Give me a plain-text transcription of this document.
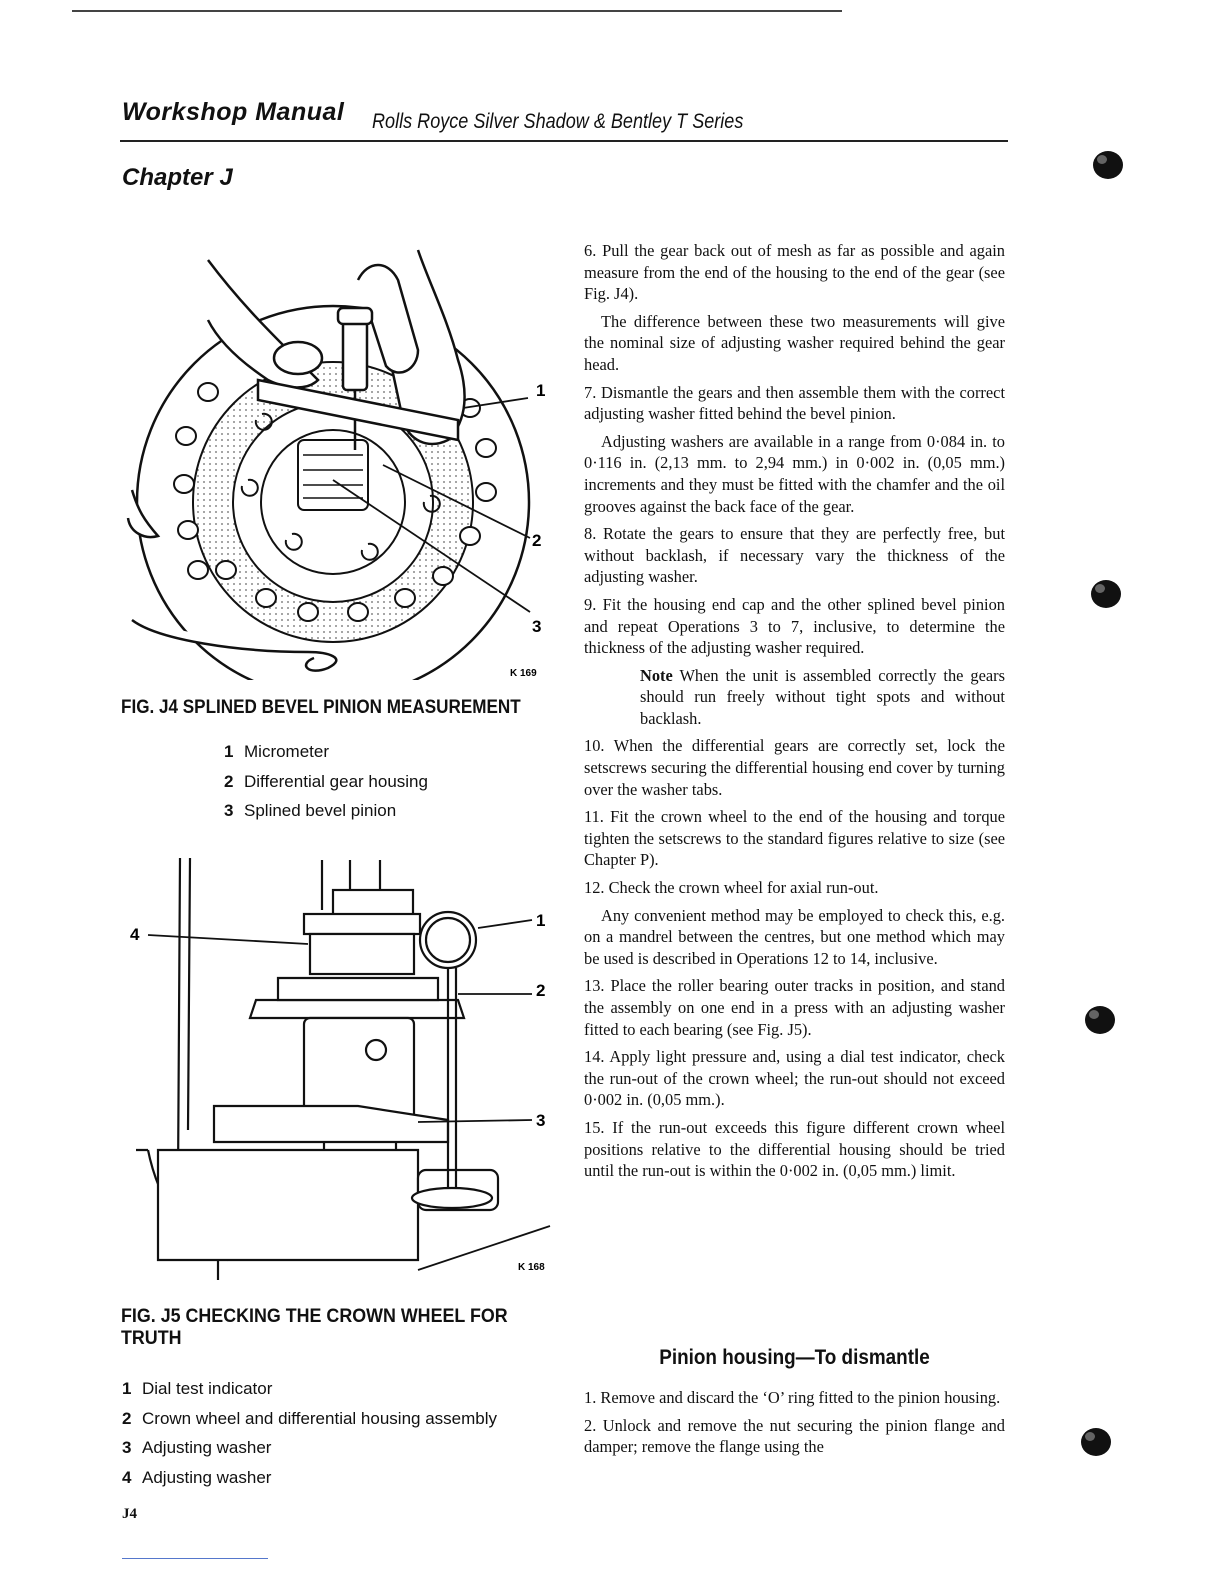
Workshop Manual Rolls Royce Silver Shadow & Bentley T Series
Chapter J
1
2
3
K 169
FIG. J4 SPLINED BEVEL PINION MEASUREMENT
1 Micrometer
2 Differential gear housing
3 Splined bevel pinion
1
2
3
4
K 168
FIG. J5 CHECKING THE CROWN WHEEL FOR TRUTH
1 Dial test indicator
2 Crown wheel and differential housing assembly
3 Adjusting washer
4 Adjusting washer

6. Pull the gear back out of mesh as far as possible and again measure from the end of the housing to the end of the gear (see Fig. J4).

The difference between these two measurements will give the nominal size of adjusting washer required behind the gear head.

7. Dismantle the gears and then assemble them with the correct adjusting washer fitted behind the bevel pinion.

Adjusting washers are available in a range from 0·084 in. to 0·116 in. (2,13 mm. to 2,94 mm.) in 0·002 in. (0,05 mm.) increments and they must be fitted with the chamfer and the oil grooves against the back face of the gear.

8. Rotate the gears to ensure that they are perfectly free, but without backlash, if necessary vary the thickness of the adjusting washer.

9. Fit the housing end cap and the other splined bevel pinion and repeat Operations 3 to 7, inclusive, to determine the thickness of the adjusting washer required.

Note When the unit is assembled correctly the gears should run freely without tight spots and without backlash.

10. When the differential gears are correctly set, lock the setscrews securing the differential housing end cover by turning over the washer tabs.

11. Fit the crown wheel to the end of the housing and torque tighten the setscrews to the standard figures relative to size (see Chapter P).

12. Check the crown wheel for axial run-out.

Any convenient method may be employed to check this, e.g. on a mandrel between the centres, but one method which may be used is described in Operations 12 to 14, inclusive.

13. Place the roller bearing outer tracks in position, and stand the assembly on one end in a press with an adjusting washer fitted to each bearing (see Fig. J5).

14. Apply light pressure and, using a dial test indicator, check the run-out of the crown wheel; the run-out should not exceed 0·002 in. (0,05 mm.).

15. If the run-out exceeds this figure different crown wheel positions relative to the differential housing should be tried until the run-out is within the 0·002 in. (0,05 mm.) limit.

Pinion housing—To dismantle

1. Remove and discard the ‘O’ ring fitted to the pinion housing.

2. Unlock and remove the nut securing the pinion flange and damper; remove the flange using the

J4
